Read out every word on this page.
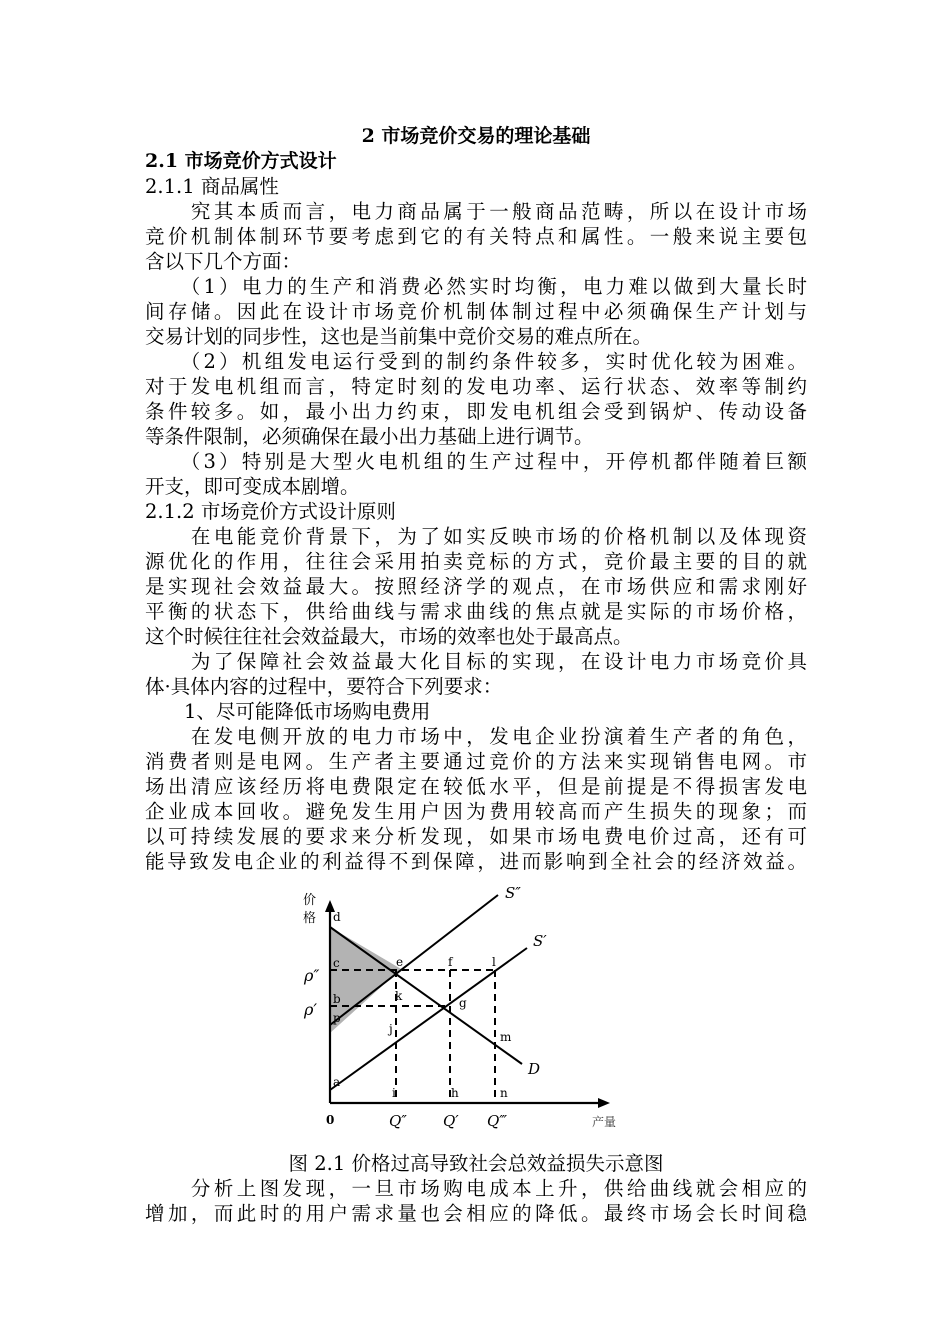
2 市场竞价交易的理论基础
2.1 市场竞价方式设计
2.1.1 商品属性
　　究其本质而言，电力商品属于一般商品范畴，所以在设计市场
竞价机制体制环节要考虑到它的有关特点和属性。一般来说主要包
含以下几个方面：
　　（1）电力的生产和消费必然实时均衡，电力难以做到大量长时
间存储。因此在设计市场竞价机制体制过程中必须确保生产计划与
交易计划的同步性，这也是当前集中竞价交易的难点所在。
　　（2）机组发电运行受到的制约条件较多，实时优化较为困难。
对于发电机组而言，特定时刻的发电功率、运行状态、效率等制约
条件较多。如，最小出力约束，即发电机组会受到锅炉、传动设备
等条件限制，必须确保在最小出力基础上进行调节。
　　（3）特别是大型火电机组的生产过程中，开停机都伴随着巨额
开支，即可变成本剧增。
2.1.2 市场竞价方式设计原则
　　在电能竞价背景下，为了如实反映市场的价格机制以及体现资
源优化的作用，往往会采用拍卖竞标的方式，竞价最主要的目的就
是实现社会效益最大。按照经济学的观点，在市场供应和需求刚好
平衡的状态下，供给曲线与需求曲线的焦点就是实际的市场价格，
这个时候往往社会效益最大，市场的效率也处于最高点。
　　为了保障社会效益最大化目标的实现，在设计电力市场竞价具
体·具体内容的过程中，要符合下列要求：
　　1、尽可能降低市场购电费用
　　在发电侧开放的电力市场中，发电企业扮演着生产者的角色，
消费者则是电网。生产者主要通过竞价的方法来实现销售电网。市
场出清应该经历将电费限定在较低水平，但是前提是不得损害发电
企业成本回收。避免发生用户因为费用较高而产生损失的现象；而
以可持续发展的要求来分析发现，如果市场电费电价过高，还有可
能导致发电企业的利益得不到保障，进而影响到全社会的经济效益。
价
格
产量
0
ρ″
ρ′
S″
S′
D
Q″ Q′ Q‴
d
c
b
p
a
e	f	l
k	g
j
m
i	h	n
图 2.1 价格过高导致社会总效益损失示意图
　　分析上图发现，一旦市场购电成本上升，供给曲线就会相应的
增加，而此时的用户需求量也会相应的降低。最终市场会长时间稳
